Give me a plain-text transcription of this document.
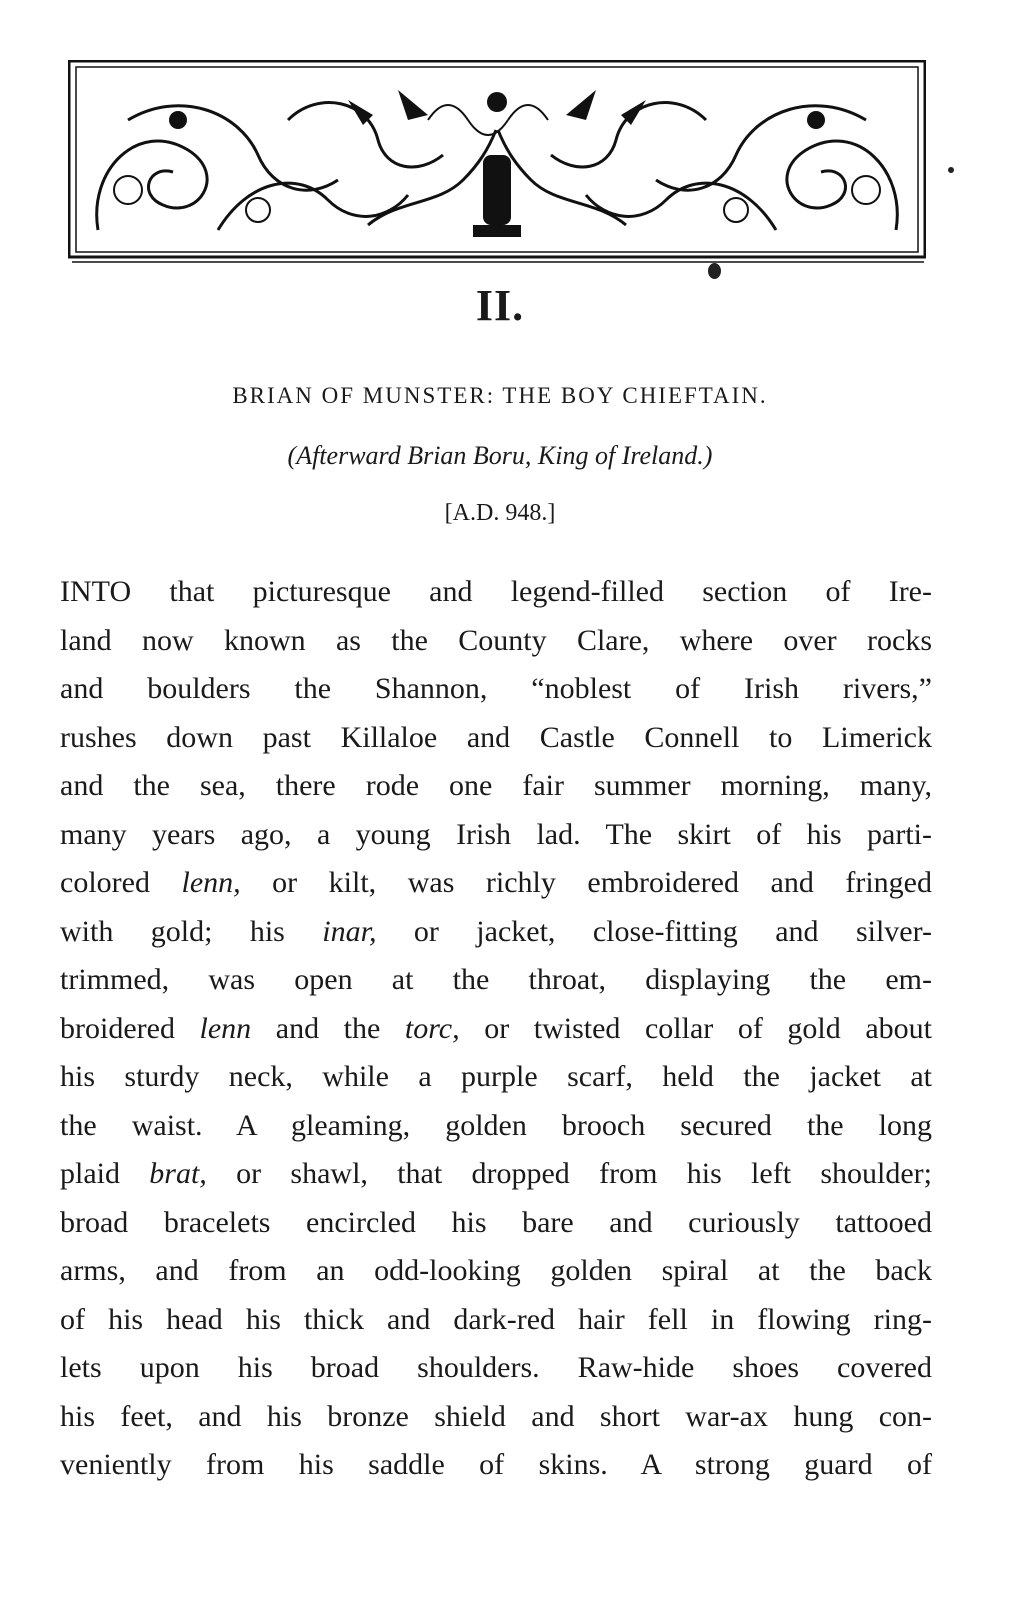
II.
BRIAN OF MUNSTER: THE BOY CHIEFTAIN.
(Afterward Brian Boru, King of Ireland.)
[A.D. 948.]
INTO that picturesque and legend-filled section of Ire-
land now known as the County Clare, where over rocks
and boulders the Shannon, “noblest of Irish rivers,”
rushes down past Killaloe and Castle Connell to Limerick
and the sea, there rode one fair summer morning, many,
many years ago, a young Irish lad. The skirt of his parti-
colored lenn, or kilt, was richly embroidered and fringed
with gold; his inar, or jacket, close-fitting and silver-
trimmed, was open at the throat, displaying the em-
broidered lenn and the torc, or twisted collar of gold about
his sturdy neck, while a purple scarf, held the jacket at
the waist. A gleaming, golden brooch secured the long
plaid brat, or shawl, that dropped from his left shoulder;
broad bracelets encircled his bare and curiously tattooed
arms, and from an odd-looking golden spiral at the back
of his head his thick and dark-red hair fell in flowing ring-
lets upon his broad shoulders. Raw-hide shoes covered
his feet, and his bronze shield and short war-ax hung con-
veniently from his saddle of skins. A strong guard of
